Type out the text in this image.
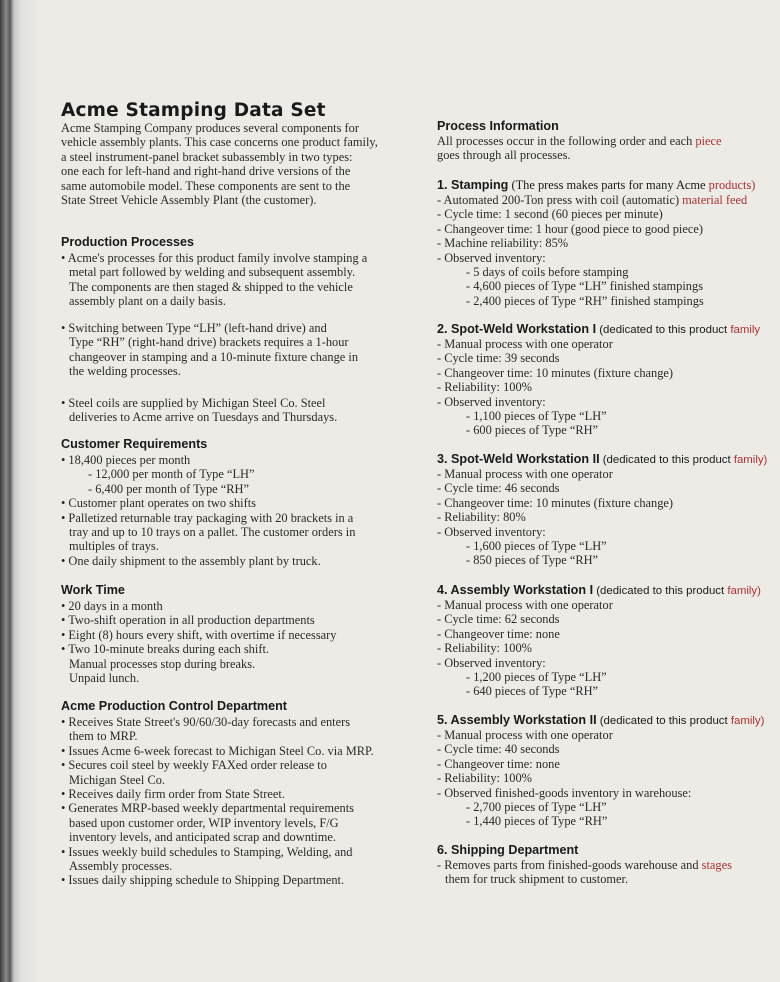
Acme Stamping Data Set
Acme Stamping Company produces several components for
vehicle assembly plants. This case concerns one product family,
a steel instrument-panel bracket subassembly in two types:
one each for left-hand and right-hand drive versions of the
same automobile model. These components are sent to the
State Street Vehicle Assembly Plant (the customer).
Production Processes
• Acme's processes for this product family involve stamping a
metal part followed by welding and subsequent assembly.
The components are then staged & shipped to the vehicle
assembly plant on a daily basis.
• Switching between Type “LH” (left-hand drive) and
Type “RH” (right-hand drive) brackets requires a 1-hour
changeover in stamping and a 10-minute fixture change in
the welding processes.
• Steel coils are supplied by Michigan Steel Co. Steel
deliveries to Acme arrive on Tuesdays and Thursdays.
Customer Requirements
• 18,400 pieces per month
- 12,000 per month of Type “LH”
- 6,400 per month of Type “RH”
• Customer plant operates on two shifts
• Palletized returnable tray packaging with 20 brackets in a
tray and up to 10 trays on a pallet. The customer orders in
multiples of trays.
• One daily shipment to the assembly plant by truck.
Work Time
• 20 days in a month
• Two-shift operation in all production departments
• Eight (8) hours every shift, with overtime if necessary
• Two 10-minute breaks during each shift.
Manual processes stop during breaks.
Unpaid lunch.
Acme Production Control Department
• Receives State Street's 90/60/30-day forecasts and enters
them to MRP.
• Issues Acme 6-week forecast to Michigan Steel Co. via MRP.
• Secures coil steel by weekly FAXed order release to
Michigan Steel Co.
• Receives daily firm order from State Street.
• Generates MRP-based weekly departmental requirements
based upon customer order, WIP inventory levels, F/G
inventory levels, and anticipated scrap and downtime.
• Issues weekly build schedules to Stamping, Welding, and
Assembly processes.
• Issues daily shipping schedule to Shipping Department.
Process Information
All processes occur in the following order and each piece
goes through all processes.
1. Stamping (The press makes parts for many Acme products)
- Automated 200-Ton press with coil (automatic) material feed
- Cycle time: 1 second (60 pieces per minute)
- Changeover time: 1 hour (good piece to good piece)
- Machine reliability: 85%
- Observed inventory:
- 5 days of coils before stamping
- 4,600 pieces of Type “LH” finished stampings
- 2,400 pieces of Type “RH” finished stampings
2. Spot-Weld Workstation I (dedicated to this product family
- Manual process with one operator
- Cycle time: 39 seconds
- Changeover time: 10 minutes (fixture change)
- Reliability: 100%
- Observed inventory:
- 1,100 pieces of Type “LH”
- 600 pieces of Type “RH”
3. Spot-Weld Workstation II (dedicated to this product family)
- Manual process with one operator
- Cycle time: 46 seconds
- Changeover time: 10 minutes (fixture change)
- Reliability: 80%
- Observed inventory:
- 1,600 pieces of Type “LH”
- 850 pieces of Type “RH”
4. Assembly Workstation I (dedicated to this product family)
- Manual process with one operator
- Cycle time: 62 seconds
- Changeover time: none
- Reliability: 100%
- Observed inventory:
- 1,200 pieces of Type “LH”
- 640 pieces of Type “RH”
5. Assembly Workstation II (dedicated to this product family)
- Manual process with one operator
- Cycle time: 40 seconds
- Changeover time: none
- Reliability: 100%
- Observed finished-goods inventory in warehouse:
- 2,700 pieces of Type “LH”
- 1,440 pieces of Type “RH”
6. Shipping Department
- Removes parts from finished-goods warehouse and stages
them for truck shipment to customer.
